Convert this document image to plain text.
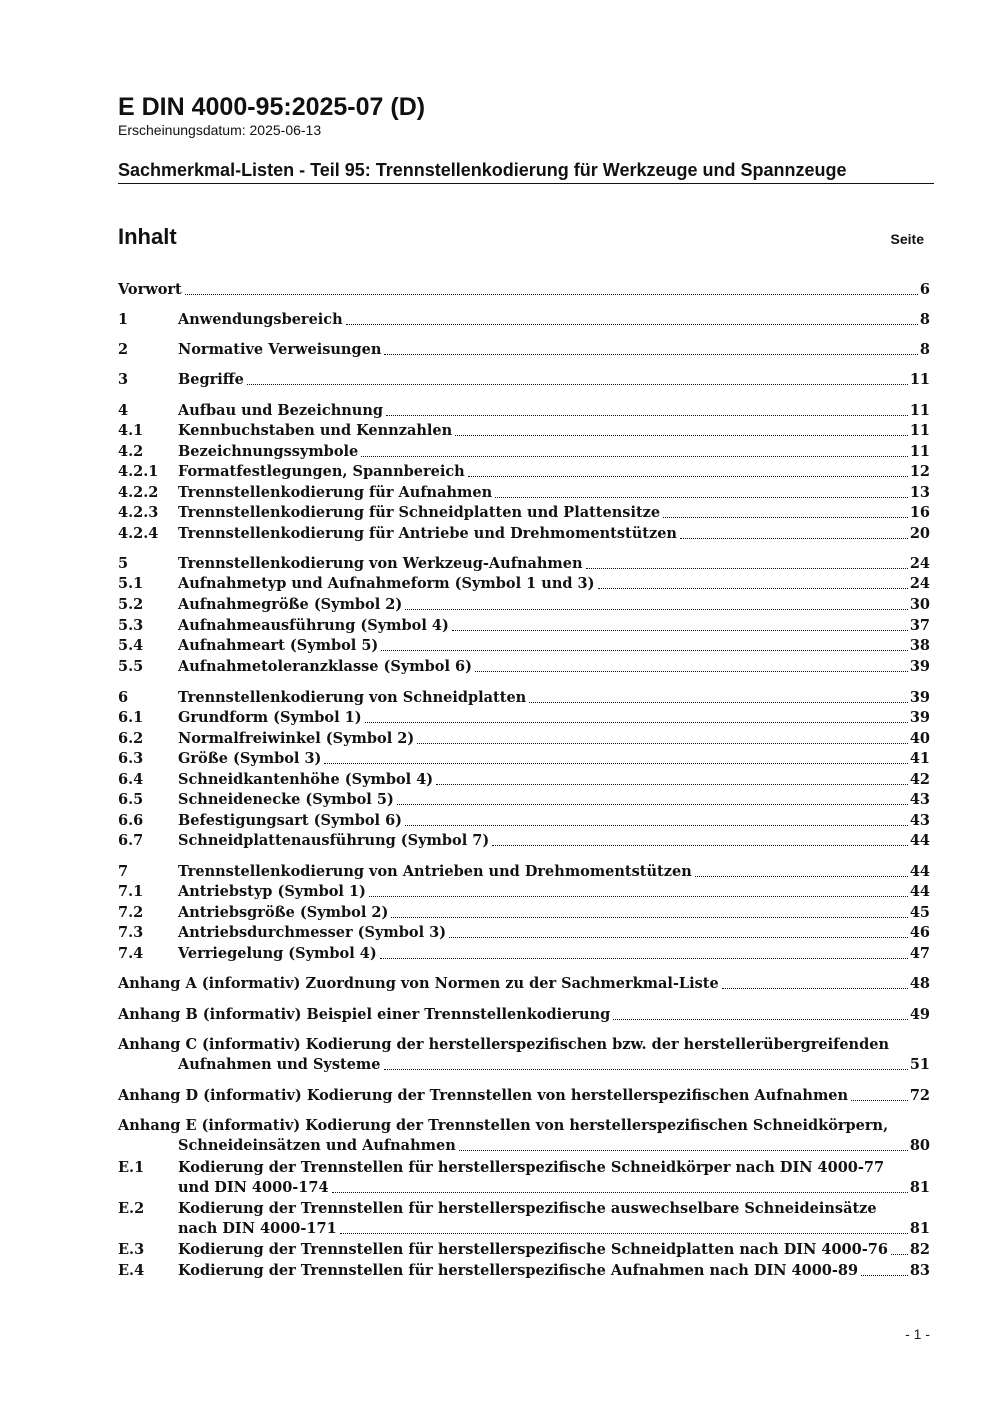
E DIN 4000-95:2025-07 (D)
Erscheinungsdatum: 2025-06-13
Sachmerkmal-Listen - Teil 95: Trennstellenkodierung für Werkzeuge und Spannzeuge
Inhalt	Seite
Vorwort	6
1	Anwendungsbereich	8
2	Normative Verweisungen	8
3	Begriffe	11
4	Aufbau und Bezeichnung	11
4.1 Kennbuchstaben und Kennzahlen	11
4.2 Bezeichnungssymbole	11
4.2.1 Formatfestlegungen, Spannbereich	12
4.2.2 Trennstellenkodierung für Aufnahmen	13
4.2.3 Trennstellenkodierung für Schneidplatten und Plattensitze	16
4.2.4 Trennstellenkodierung für Antriebe und Drehmomentstützen	20
5	Trennstellenkodierung von Werkzeug-Aufnahmen	24
5.1 Aufnahmetyp und Aufnahmeform (Symbol 1 und 3)	24
5.2 Aufnahmegröße (Symbol 2)	30
5.3 Aufnahmeausführung (Symbol 4)	37
5.4 Aufnahmeart (Symbol 5)	38
5.5 Aufnahmetoleranzklasse (Symbol 6)	39
6	Trennstellenkodierung von Schneidplatten	39
6.1 Grundform (Symbol 1)	39
6.2 Normalfreiwinkel (Symbol 2)	40
6.3 Größe (Symbol 3)	41
6.4 Schneidkantenhöhe (Symbol 4)	42
6.5 Schneidenecke (Symbol 5)	43
6.6 Befestigungsart (Symbol 6)	43
6.7 Schneidplattenausführung (Symbol 7)	44
7	Trennstellenkodierung von Antrieben und Drehmomentstützen	44
7.1 Antriebstyp (Symbol 1)	44
7.2 Antriebsgröße (Symbol 2)	45
7.3 Antriebsdurchmesser (Symbol 3)	46
7.4 Verriegelung (Symbol 4)	47
Anhang A (informativ) Zuordnung von Normen zu der Sachmerkmal-Liste	48
Anhang B (informativ) Beispiel einer Trennstellenkodierung	49
Anhang C (informativ) Kodierung der herstellerspezifischen bzw. der herstellerübergreifenden
Aufnahmen und Systeme	51
Anhang D (informativ) Kodierung der Trennstellen von herstellerspezifischen Aufnahmen	72
Anhang E (informativ) Kodierung der Trennstellen von herstellerspezifischen Schneidkörpern,
Schneideinsätzen und Aufnahmen	80
E.1 Kodierung der Trennstellen für herstellerspezifische Schneidkörper nach DIN 4000-77
und DIN 4000-174	81
E.2 Kodierung der Trennstellen für herstellerspezifische auswechselbare Schneideinsätze
nach DIN 4000-171	81
E.3 Kodierung der Trennstellen für herstellerspezifische Schneidplatten nach DIN 4000-76 82
E.4 Kodierung der Trennstellen für herstellerspezifische Aufnahmen nach DIN 4000-89	83
- 1 -
